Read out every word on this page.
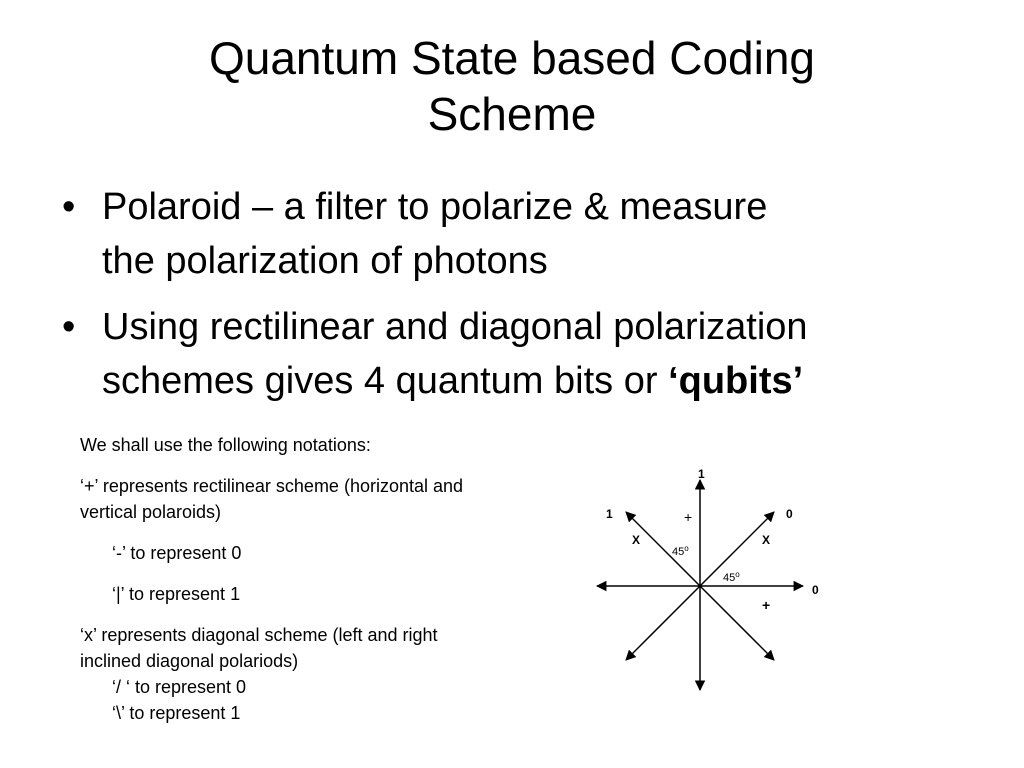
Quantum State based Coding
Scheme
• Polaroid – a filter to polarize & measure
the polarization of photons
• Using rectilinear and diagonal polarization
schemes gives 4 quantum bits or ‘qubits’
We shall use the following notations:
‘+’ represents rectilinear scheme (horizontal and
vertical polaroids)
‘-’ to represent 0
‘|’ to represent 1
‘x’ represents diagonal scheme (left and right
inclined diagonal polariods)
‘/ ‘ to represent 0
‘\’ to represent 1
1
1	0
0
X	X
+
+
$45^o$
45$^o$
